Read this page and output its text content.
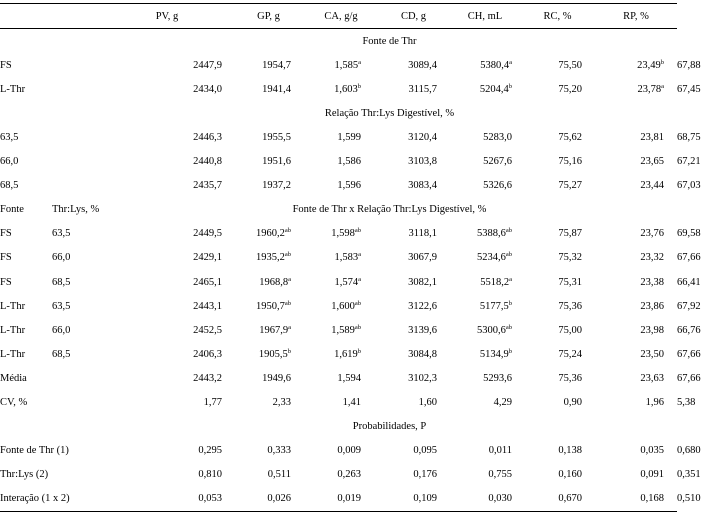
		PV, g	GP, g	CA, g/g	CD, g	CH, mL	RC, %	RP, %	
		Fonte de Thr							
FS		2447,9	1954,7	1,585$^a$	3089,4	5380,4$^a$	75,50	23,49$^b$	67,88
L-Thr		2434,0	1941,4	1,603$^b$	3115,7	5204,4$^b$	75,20	23,78$^a$	67,45
		Relação Thr:Lys Digestível, %							
63,5		2446,3	1955,5	1,599	3120,4	5283,0	75,62	23,81	68,75
66,0		2440,8	1951,6	1,586	3103,8	5267,6	75,16	23,65	67,21
68,5		2435,7	1937,2	1,596	3083,4	5326,6	75,27	23,44	67,03
Fonte	Thr:Lys, %	Fonte de Thr x Relação Thr:Lys Digestível, %							
FS	63,5	2449,5	1960,2$^{ab}$	1,598$^{ab}$	3118,1	5388,6$^{ab}$	75,87	23,76	69,58
FS	66,0	2429,1	1935,2$^{ab}$	1,583$^a$	3067,9	5234,6$^{ab}$	75,32	23,32	67,66
FS	68,5	2465,1	1968,8$^a$	1,574$^a$	3082,1	5518,2$^a$	75,31	23,38	66,41
L-Thr	63,5	2443,1	1950,7$^{ab}$	1,600$^{ab}$	3122,6	5177,5$^b$	75,36	23,86	67,92
L-Thr	66,0	2452,5	1967,9$^a$	1,589$^{ab}$	3139,6	5300,6$^{ab}$	75,00	23,98	66,76
L-Thr	68,5	2406,3	1905,5$^b$	1,619$^b$	3084,8	5134,9$^b$	75,24	23,50	67,66
Média		2443,2	1949,6	1,594	3102,3	5293,6	75,36	23,63	67,66
CV, %		1,77	2,33	1,41	1,60	4,29	0,90	1,96	5,38
		Probabilidades, P							
Fonte de Thr (1)		0,295	0,333	0,009	0,095	0,011	0,138	0,035	0,680
Thr:Lys (2)		0,810	0,511	0,263	0,176	0,755	0,160	0,091	0,351
Interação (1 x 2)		0,053	0,026	0,019	0,109	0,030	0,670	0,168	0,510
